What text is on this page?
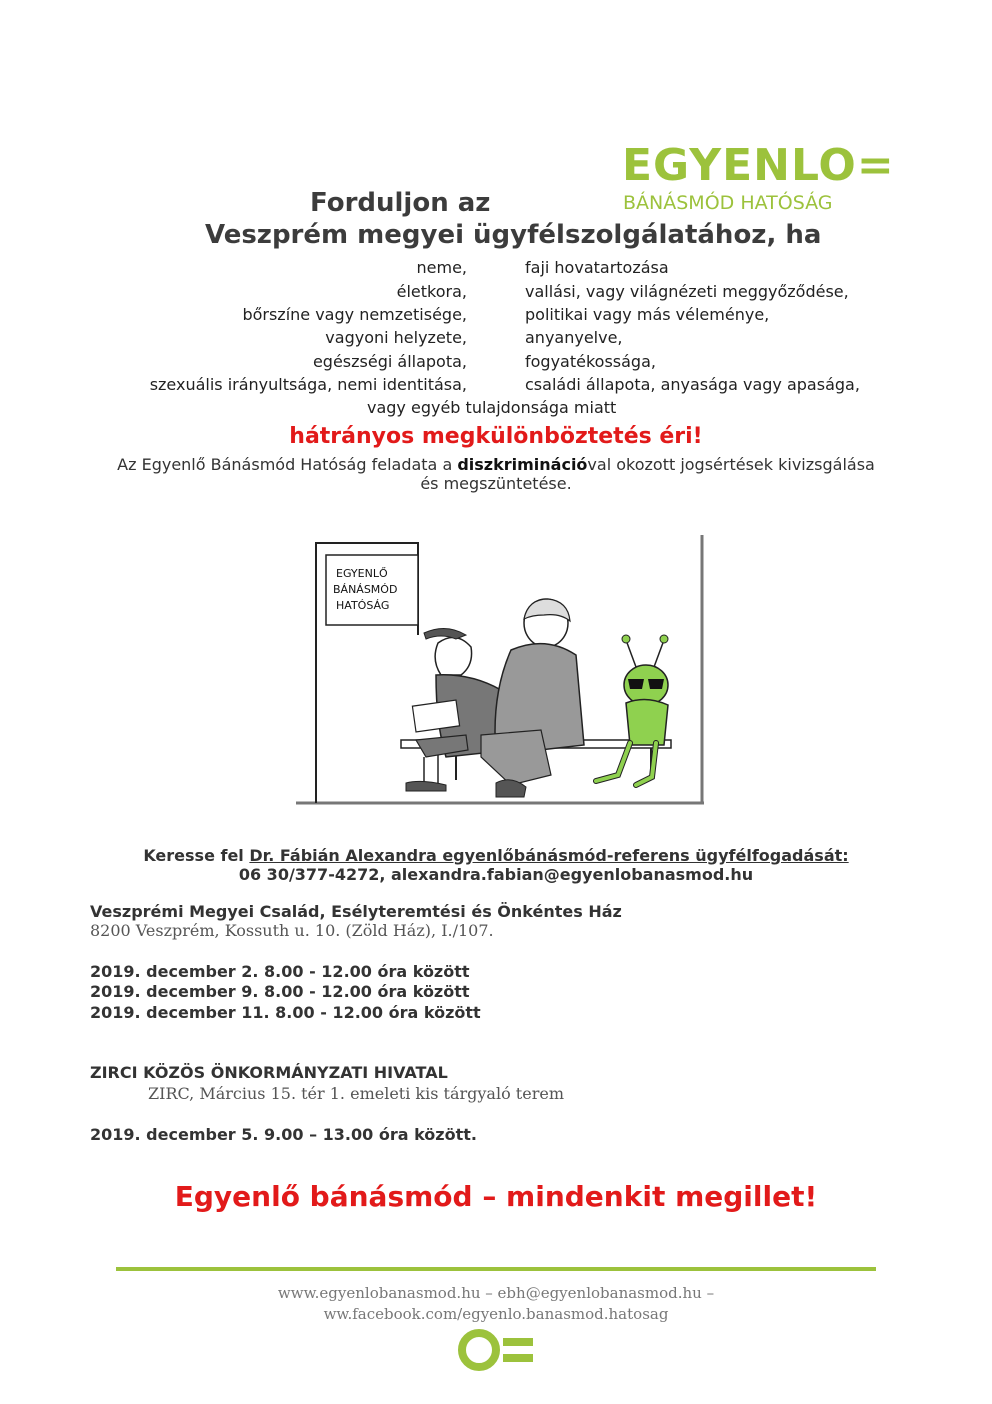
EGYENLO=
BÁNÁSMÓD HATÓSÁG
Forduljon az
Veszprém megyei ügyfélszolgálatához, ha
neme,	faji hovatartozása
életkora,	vallási, vagy világnézeti meggyőződése,
bőrszíne vagy nemzetisége,	politikai vagy más véleménye,
vagyoni helyzete,	anyanyelve,
egészségi állapota,	fogyatékossága,
szexuális irányultsága, nemi identitása,	családi állapota, anyasága vagy apasága,
vagy egyéb tulajdonsága miatt
hátrányos megkülönböztetés éri!
Az Egyenlő Bánásmód Hatóság feladata a diszkriminációval okozott jogsértések kivizsgálása
és megszüntetése.
EGYENLŐ
BÁNÁSMÓD
HATÓSÁG
Keresse fel Dr. Fábián Alexandra egyenlőbánásmód-referens ügyfélfogadását:
06 30/377-4272, alexandra.fabian@egyenlobanasmod.hu
Veszprémi Megyei Család, Esélyteremtési és Önkéntes Ház
8200 Veszprém, Kossuth u. 10. (Zöld Ház), I./107.
2019. december 2. 8.00 - 12.00 óra között
2019. december 9. 8.00 - 12.00 óra között
2019. december 11. 8.00 - 12.00 óra között
ZIRCI KÖZÖS ÖNKORMÁNYZATI HIVATAL
ZIRC, Március 15. tér 1. emeleti kis tárgyaló terem
2019. december 5. 9.00 – 13.00 óra között.
Egyenlő bánásmód – mindenkit megillet!
www.egyenlobanasmod.hu – ebh@egyenlobanasmod.hu –
ww.facebook.com/egyenlo.banasmod.hatosag
